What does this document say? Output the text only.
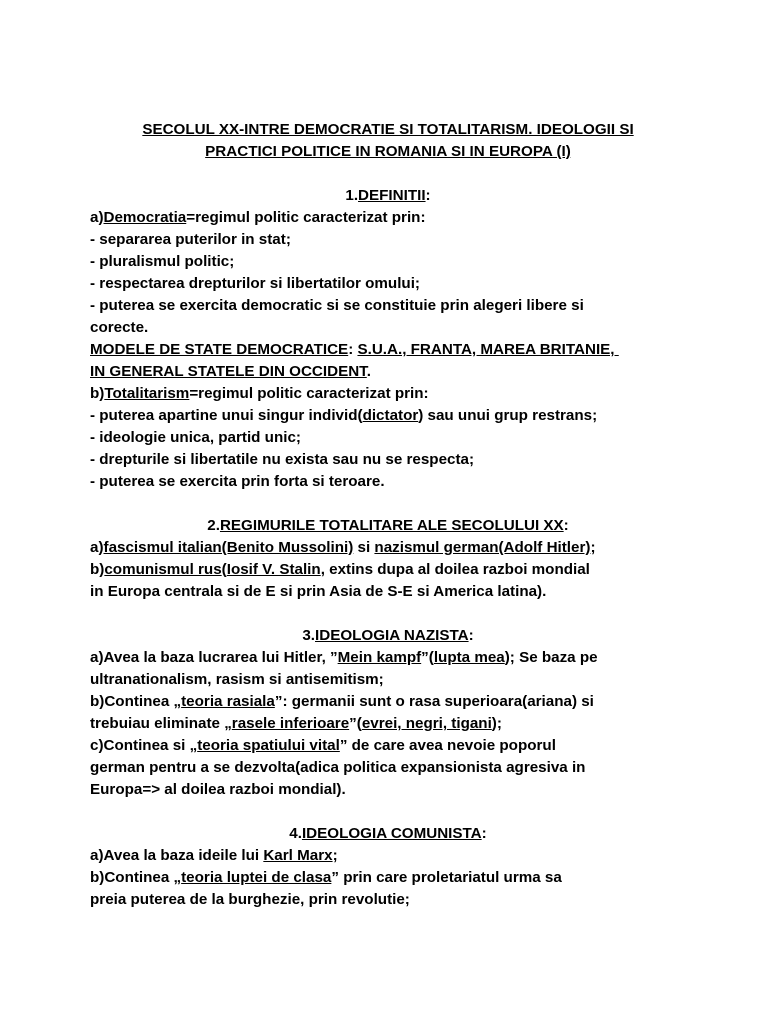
SECOLUL XX-INTRE DEMOCRATIE SI TOTALITARISM. IDEOLOGII SI
PRACTICI POLITICE IN ROMANIA SI IN EUROPA (I)
1.DEFINITII:
a)Democratia=regimul politic caracterizat prin:
- separarea puterilor in stat;
- pluralismul politic;
- respectarea drepturilor si libertatilor omului;
- puterea se exercita democratic si se constituie prin alegeri libere si
corecte.
MODELE DE STATE DEMOCRATICE: S.U.A., FRANTA, MAREA BRITANIE,
IN GENERAL STATELE DIN OCCIDENT.
b)Totalitarism=regimul politic caracterizat prin:
- puterea apartine unui singur individ(dictator) sau unui grup restrans;
- ideologie unica, partid unic;
- drepturile si libertatile nu exista sau nu se respecta;
- puterea se exercita prin forta si teroare.
2.REGIMURILE TOTALITARE ALE SECOLULUI XX:
a)fascismul italian(Benito Mussolini) si nazismul german(Adolf Hitler);
b)comunismul rus(Iosif V. Stalin, extins dupa al doilea razboi mondial
in Europa centrala si de E si prin Asia de S-E si America latina).
3.IDEOLOGIA NAZISTA:
a)Avea la baza lucrarea lui Hitler, ”Mein kampf”(lupta mea); Se baza pe
ultranationalism, rasism si antisemitism;
b)Continea „teoria rasiala”: germanii sunt o rasa superioara(ariana) si
trebuiau eliminate „rasele inferioare”(evrei, negri, tigani);
c)Continea si „teoria spatiului vital” de care avea nevoie poporul
german pentru a se dezvolta(adica politica expansionista agresiva in
Europa=> al doilea razboi mondial).
4.IDEOLOGIA COMUNISTA:
a)Avea la baza ideile lui Karl Marx;
b)Continea „teoria luptei de clasa” prin care proletariatul urma sa
preia puterea de la burghezie, prin revolutie;
